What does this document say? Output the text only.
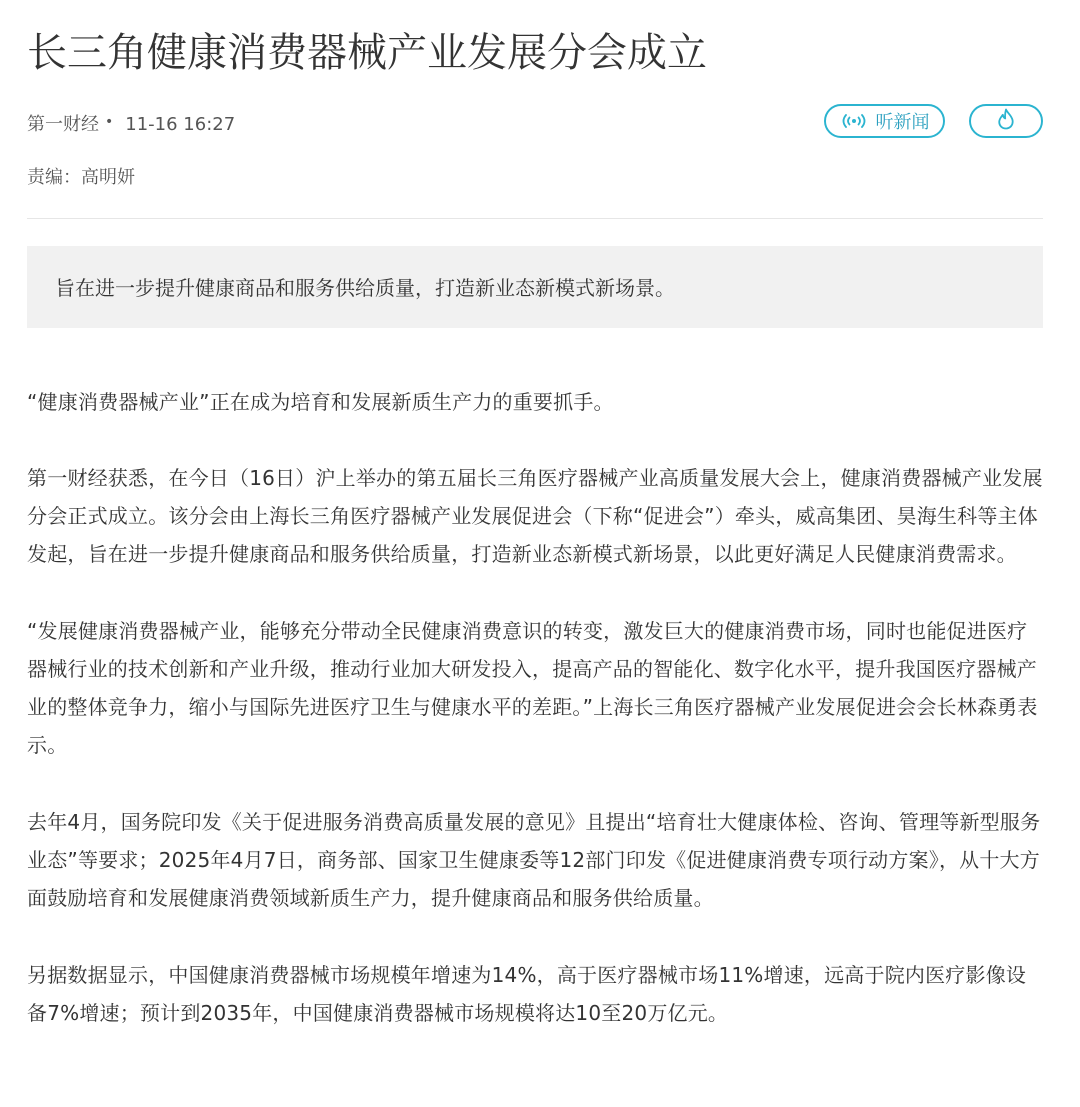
长三角健康消费器械产业发展分会成立
第一财经 • 11-16 16:27	听新闻
责编：高明妍
旨在进一步提升健康商品和服务供给质量，打造新业态新模式新场景。

“健康消费器械产业”正在成为培育和发展新质生产力的重要抓手。

第一财经获悉，在今日（16日）沪上举办的第五届长三角医疗器械产业高质量发展大会上，健康消费器械产业发展分会正式成立。该分会由上海长三角医疗器械产业发展促进会（下称“促进会”）牵头，威高集团、昊海生科等主体发起，旨在进一步提升健康商品和服务供给质量，打造新业态新模式新场景，以此更好满足人民健康消费需求。

“发展健康消费器械产业，能够充分带动全民健康消费意识的转变，激发巨大的健康消费市场，同时也能促进医疗器械行业的技术创新和产业升级，推动行业加大研发投入，提高产品的智能化、数字化水平，提升我国医疗器械产业的整体竞争力，缩小与国际先进医疗卫生与健康水平的差距。”上海长三角医疗器械产业发展促进会会长林森勇表示。

去年4月，国务院印发《关于促进服务消费高质量发展的意见》且提出“培育壮大健康体检、咨询、管理等新型服务业态”等要求；2025年4月7日，商务部、国家卫生健康委等12部门印发《促进健康消费专项行动方案》，从十大方面鼓励培育和发展健康消费领域新质生产力，提升健康商品和服务供给质量。

另据数据显示，中国健康消费器械市场规模年增速为14%，高于医疗器械市场11%增速，远高于院内医疗影像设备7%增速；预计到2035年，中国健康消费器械市场规模将达10至20万亿元。
